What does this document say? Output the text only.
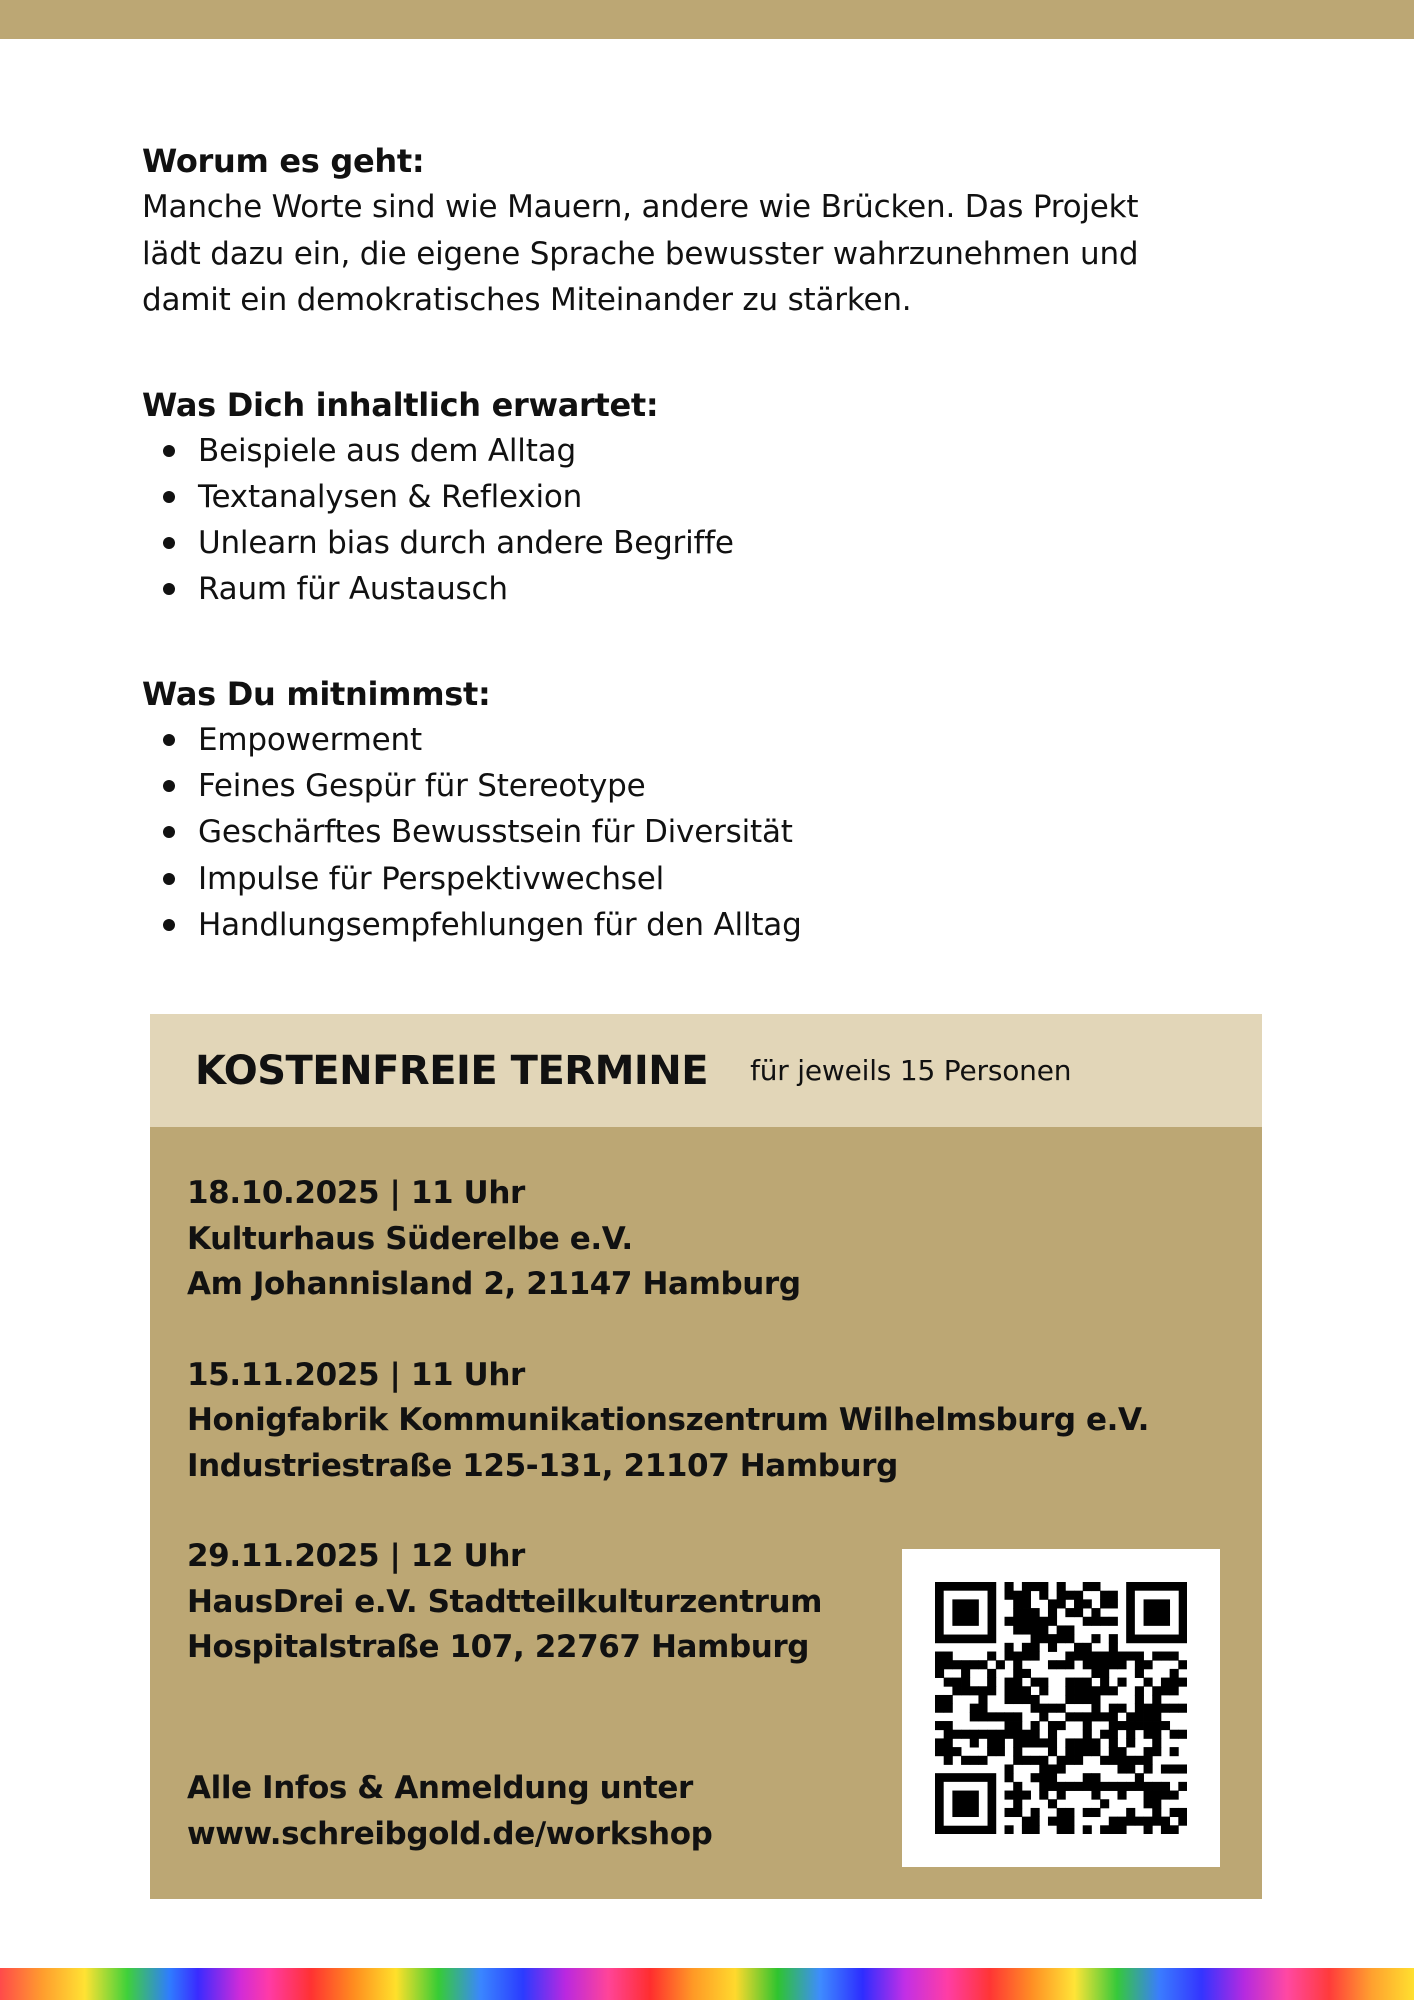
Worum es geht:

Manche Worte sind wie Mauern, andere wie Brücken. Das Projekt

lädt dazu ein, die eigene Sprache bewusster wahrzunehmen und

damit ein demokratisches Miteinander zu stärken.

Was Dich inhaltlich erwartet:
Beispiele aus dem Alltag
Textanalysen & Reflexion
Unlearn bias durch andere Begriffe
Raum für Austausch
Was Du mitnimmst:
Empowerment
Feines Gespür für Stereotype
Geschärftes Bewusstsein für Diversität
Impulse für Perspektivwechsel
Handlungsempfehlungen für den Alltag
KOSTENFREIE TERMINE für jeweils 15 Personen
18.10.2025 | 11 Uhr
Kulturhaus Süderelbe e.V.
Am Johannisland 2, 21147 Hamburg
15.11.2025 | 11 Uhr
Honigfabrik Kommunikationszentrum Wilhelmsburg e.V.
Industriestraße 125-131, 21107 Hamburg
29.11.2025 | 12 Uhr
HausDrei e.V. Stadtteilkulturzentrum
Hospitalstraße 107, 22767 Hamburg
Alle Infos & Anmeldung unter
www.schreibgold.de/workshop
